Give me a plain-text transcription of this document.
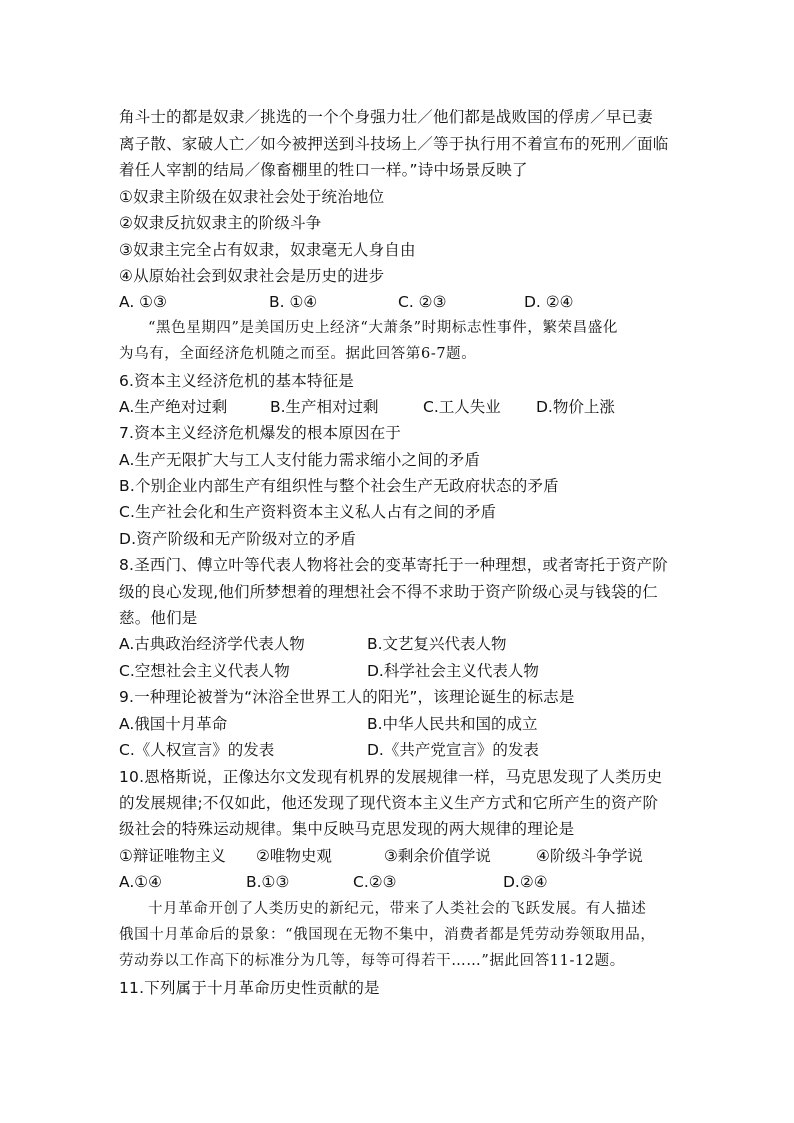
角斗士的都是奴隶／挑选的一个个身强力壮／他们都是战败国的俘虏／早已妻
离子散、家破人亡／如今被押送到斗技场上／等于执行用不着宣布的死刑／面临
着任人宰割的结局／像畜棚里的牲口一样。”诗中场景反映了
①奴隶主阶级在奴隶社会处于统治地位
②奴隶反抗奴隶主的阶级斗争
③奴隶主完全占有奴隶，奴隶毫无人身自由
④从原始社会到奴隶社会是历史的进步
A. ①③	B. ①④	C. ②③	D. ②④
“黑色星期四”是美国历史上经济“大萧条”时期标志性事件，繁荣昌盛化
为乌有，全面经济危机随之而至。据此回答第6-7题。
6.资本主义经济危机的基本特征是
A.生产绝对过剩	B.生产相对过剩	C.工人失业 D.物价上涨
7.资本主义经济危机爆发的根本原因在于
A.生产无限扩大与工人支付能力需求缩小之间的矛盾
B.个别企业内部生产有组织性与整个社会生产无政府状态的矛盾
C.生产社会化和生产资料资本主义私人占有之间的矛盾
D.资产阶级和无产阶级对立的矛盾
8.圣西门、傅立叶等代表人物将社会的变革寄托于一种理想，或者寄托于资产阶
级的良心发现,他们所梦想着的理想社会不得不求助于资产阶级心灵与钱袋的仁
慈。他们是
A.古典政治经济学代表人物	B.文艺复兴代表人物
C.空想社会主义代表人物	D.科学社会主义代表人物
9.一种理论被誉为“沐浴全世界工人的阳光”，该理论诞生的标志是
A.俄国十月革命	B.中华人民共和国的成立
C.《人权宣言》的发表	D.《共产党宣言》的发表
10.恩格斯说，正像达尔文发现有机界的发展规律一样，马克思发现了人类历史
的发展规律;不仅如此，他还发现了现代资本主义生产方式和它所产生的资产阶
级社会的特殊运动规律。集中反映马克思发现的两大规律的理论是
①辩证唯物主义 ②唯物史观	③剩余价值学说	④阶级斗争学说
A.①④	B.①③	C.②③	D.②④
十月革命开创了人类历史的新纪元，带来了人类社会的飞跃发展。有人描述
俄国十月革命后的景象：“俄国现在无物不集中，消费者都是凭劳动券领取用品，
劳动券以工作高下的标准分为几等，每等可得若干……”据此回答11-12题。
11.下列属于十月革命历史性贡献的是
